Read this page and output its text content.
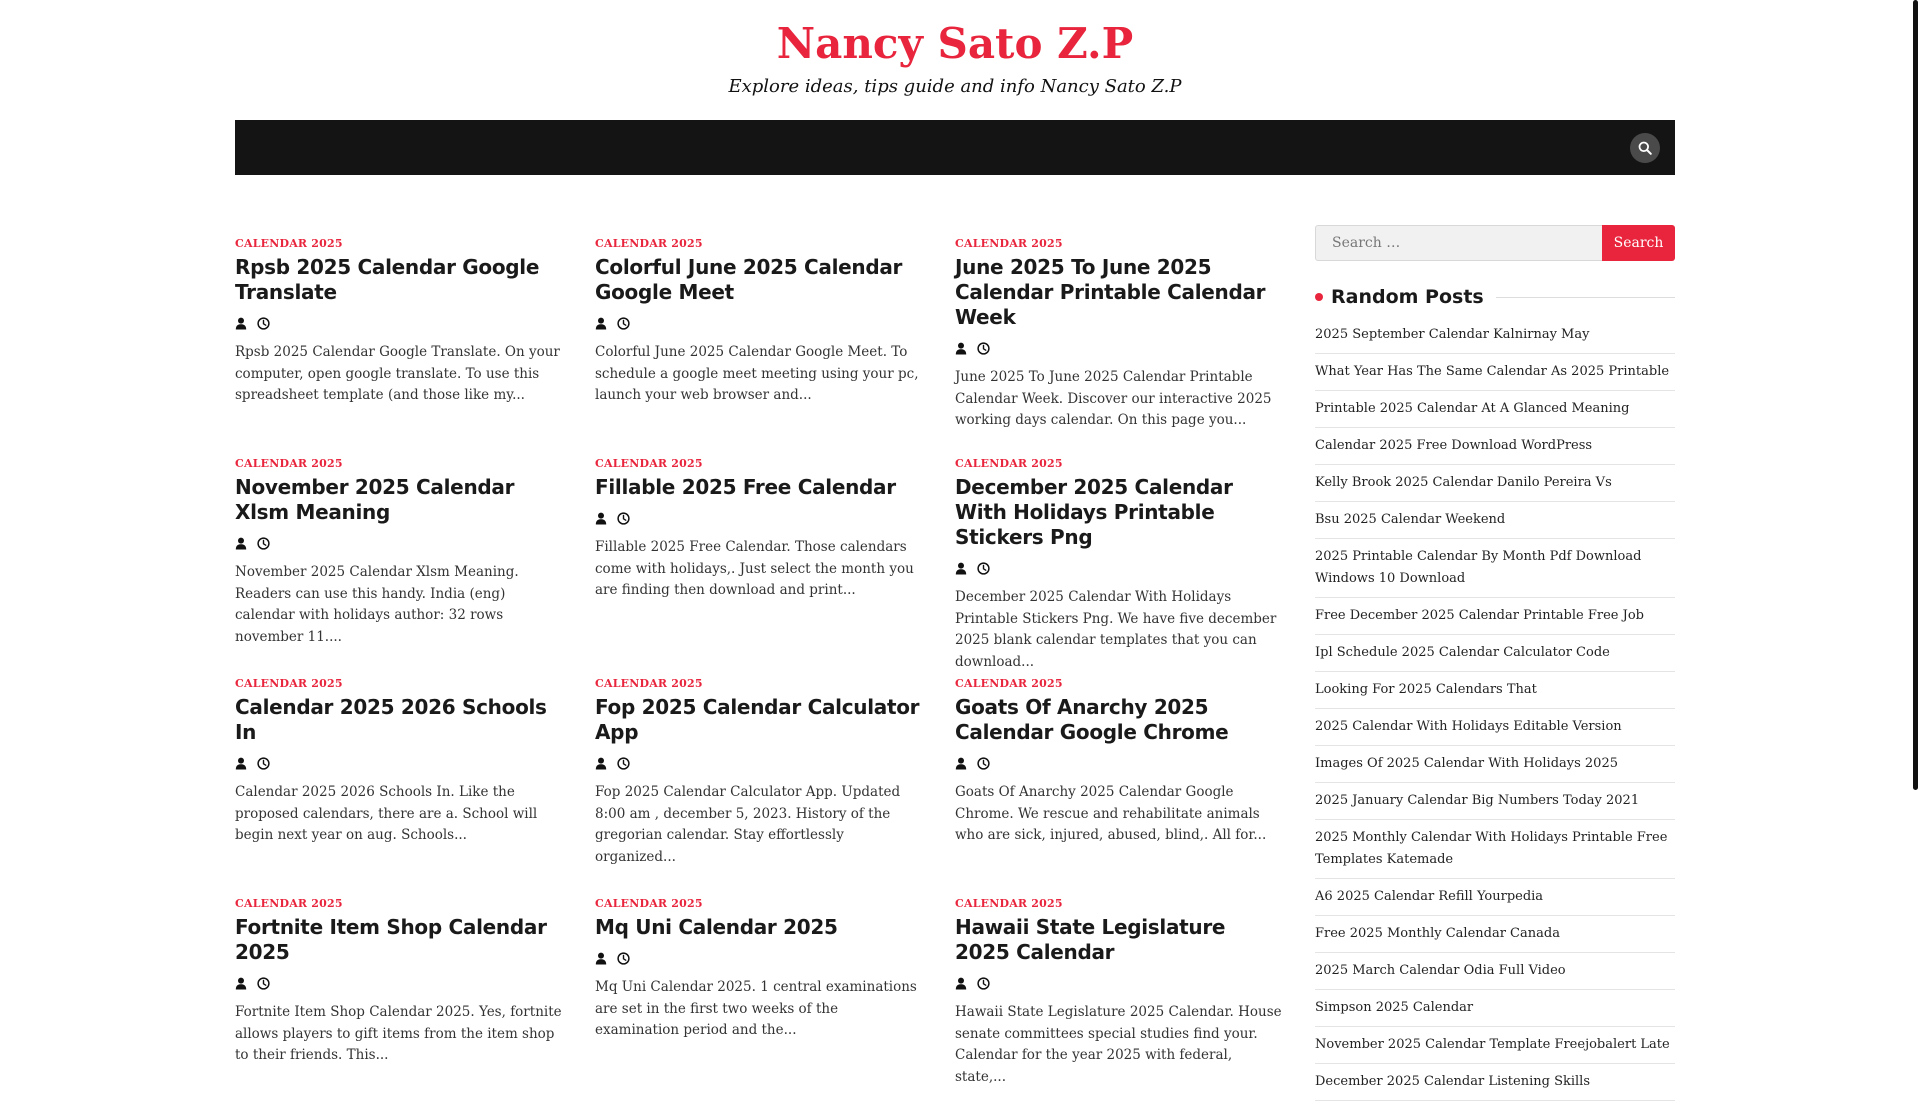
Nancy Sato Z.P
Explore ideas, tips guide and info Nancy Sato Z.P
CALENDAR 2025
Rpsb 2025 Calendar Google Translate
Rpsb 2025 Calendar Google Translate. On your computer, open google translate. To use this spreadsheet template (and those like my...
CALENDAR 2025
Colorful June 2025 Calendar Google Meet
Colorful June 2025 Calendar Google Meet. To schedule a google meet meeting using your pc, launch your web browser and...
CALENDAR 2025
June 2025 To June 2025 Calendar Printable Calendar Week
June 2025 To June 2025 Calendar Printable Calendar Week. Discover our interactive 2025 working days calendar. On this page you...
CALENDAR 2025
November 2025 Calendar Xlsm Meaning
November 2025 Calendar Xlsm Meaning. Readers can use this handy. India (eng) calendar with holidays author: 32 rows november 11....
CALENDAR 2025
Fillable 2025 Free Calendar
Fillable 2025 Free Calendar. Those calendars come with holidays,. Just select the month you are finding then download and print...
CALENDAR 2025
December 2025 Calendar With Holidays Printable Stickers Png
December 2025 Calendar With Holidays Printable Stickers Png. We have five december 2025 blank calendar templates that you can download...
CALENDAR 2025
Calendar 2025 2026 Schools In
Calendar 2025 2026 Schools In. Like the proposed calendars, there are a. School will begin next year on aug. Schools...
CALENDAR 2025
Fop 2025 Calendar Calculator App
Fop 2025 Calendar Calculator App. Updated 8:00 am , december 5, 2023. History of the gregorian calendar. Stay effortlessly organized...
CALENDAR 2025
Goats Of Anarchy 2025 Calendar Google Chrome
Goats Of Anarchy 2025 Calendar Google Chrome. We rescue and rehabilitate animals who are sick, injured, abused, blind,. All for...
CALENDAR 2025
Fortnite Item Shop Calendar 2025
Fortnite Item Shop Calendar 2025. Yes, fortnite allows players to gift items from the item shop to their friends. This...
CALENDAR 2025
Mq Uni Calendar 2025
Mq Uni Calendar 2025. 1 central examinations are set in the first two weeks of the examination period and the...
CALENDAR 2025
Hawaii State Legislature 2025 Calendar
Hawaii State Legislature 2025 Calendar. House senate committees special studies find your. Calendar for the year 2025 with federal, state,...
Search …
Search
Random Posts
2025 September Calendar Kalnirnay May
What Year Has The Same Calendar As 2025 Printable
Printable 2025 Calendar At A Glanced Meaning
Calendar 2025 Free Download WordPress
Kelly Brook 2025 Calendar Danilo Pereira Vs
Bsu 2025 Calendar Weekend
2025 Printable Calendar By Month Pdf Download Windows 10 Download
Free December 2025 Calendar Printable Free Job
Ipl Schedule 2025 Calendar Calculator Code
Looking For 2025 Calendars That
2025 Calendar With Holidays Editable Version
Images Of 2025 Calendar With Holidays 2025
2025 January Calendar Big Numbers Today 2021
2025 Monthly Calendar With Holidays Printable Free Templates Katemade
A6 2025 Calendar Refill Yourpedia
Free 2025 Monthly Calendar Canada
2025 March Calendar Odia Full Video
Simpson 2025 Calendar
November 2025 Calendar Template Freejobalert Late
December 2025 Calendar Listening Skills
